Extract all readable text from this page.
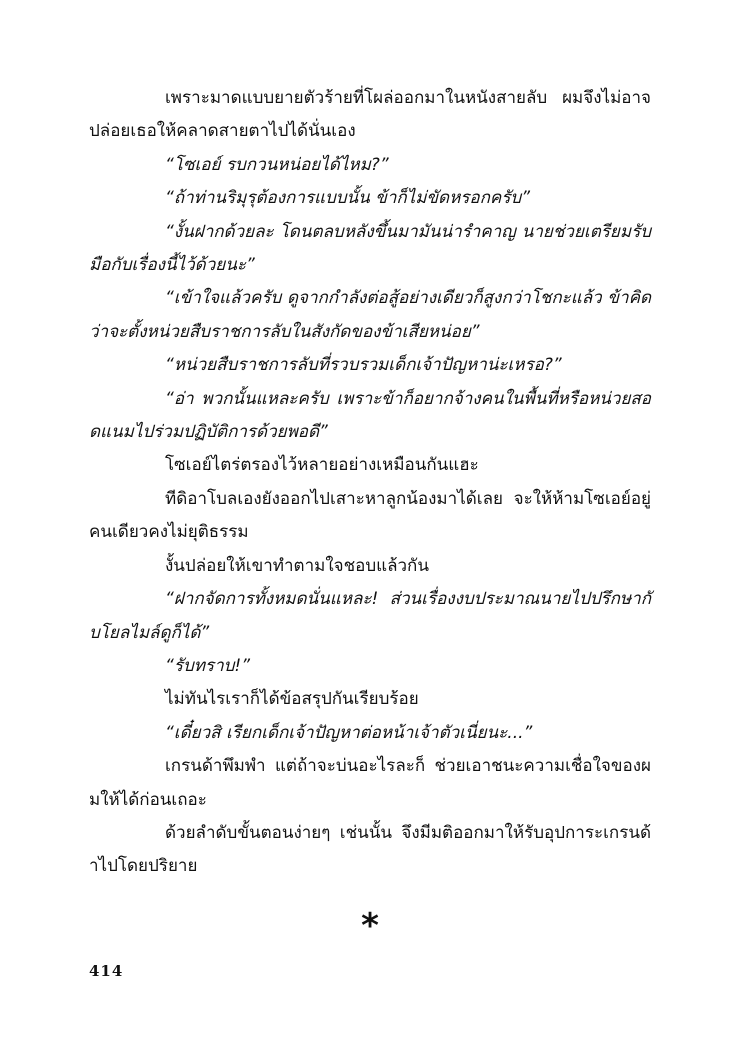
เพราะมาดแบบยายตัวร้ายที่โผล่ออกมาในหนังสายลับ ผมจึงไม่อาจปล่อยเธอให้คลาดสายตาไปได้นั่นเอง

“โซเอย์ รบกวนหน่อยได้ไหม?”

“ถ้าท่านริมุรุต้องการแบบนั้น ข้าก็ไม่ขัดหรอกครับ”

“งั้นฝากด้วยละ โดนตลบหลังขึ้นมามันน่ารำคาญ นายช่วยเตรียมรับมือกับเรื่องนี้ไว้ด้วยนะ”

“เข้าใจแล้วครับ ดูจากกำลังต่อสู้อย่างเดียวก็สูงกว่าโชกะแล้ว ข้าคิดว่าจะตั้งหน่วยสืบราชการลับในสังกัดของข้าเสียหน่อย”

“หน่วยสืบราชการลับที่รวบรวมเด็กเจ้าปัญหาน่ะเหรอ?”

“อ่า พวกนั้นแหละครับ เพราะข้าก็อยากจ้างคนในพื้นที่หรือหน่วยสอดแนมไปร่วมปฏิบัติการด้วยพอดี”

โซเอย์ไตร่ตรองไว้หลายอย่างเหมือนกันแฮะ

ทีดิอาโบลเองยังออกไปเสาะหาลูกน้องมาได้เลย จะให้ห้ามโซเอย์อยู่คนเดียวคงไม่ยุติธรรม

งั้นปล่อยให้เขาทำตามใจชอบแล้วกัน

“ฝากจัดการทั้งหมดนั่นแหละ! ส่วนเรื่องงบประมาณนายไปปรึกษากับโยลไมล์ดูก็ได้”

“รับทราบ!”

ไม่ทันไรเราก็ได้ข้อสรุปกันเรียบร้อย

“เดี๋ยวสิ เรียกเด็กเจ้าปัญหาต่อหน้าเจ้าตัวเนี่ยนะ...”

เกรนด้าพึมพำ แต่ถ้าจะบ่นอะไรละก็ ช่วยเอาชนะความเชื่อใจของผมให้ได้ก่อนเถอะ

ด้วยลำดับขั้นตอนง่ายๆ เช่นนั้น จึงมีมติออกมาให้รับอุปการะเกรนด้าไปโดยปริยาย

*
414
